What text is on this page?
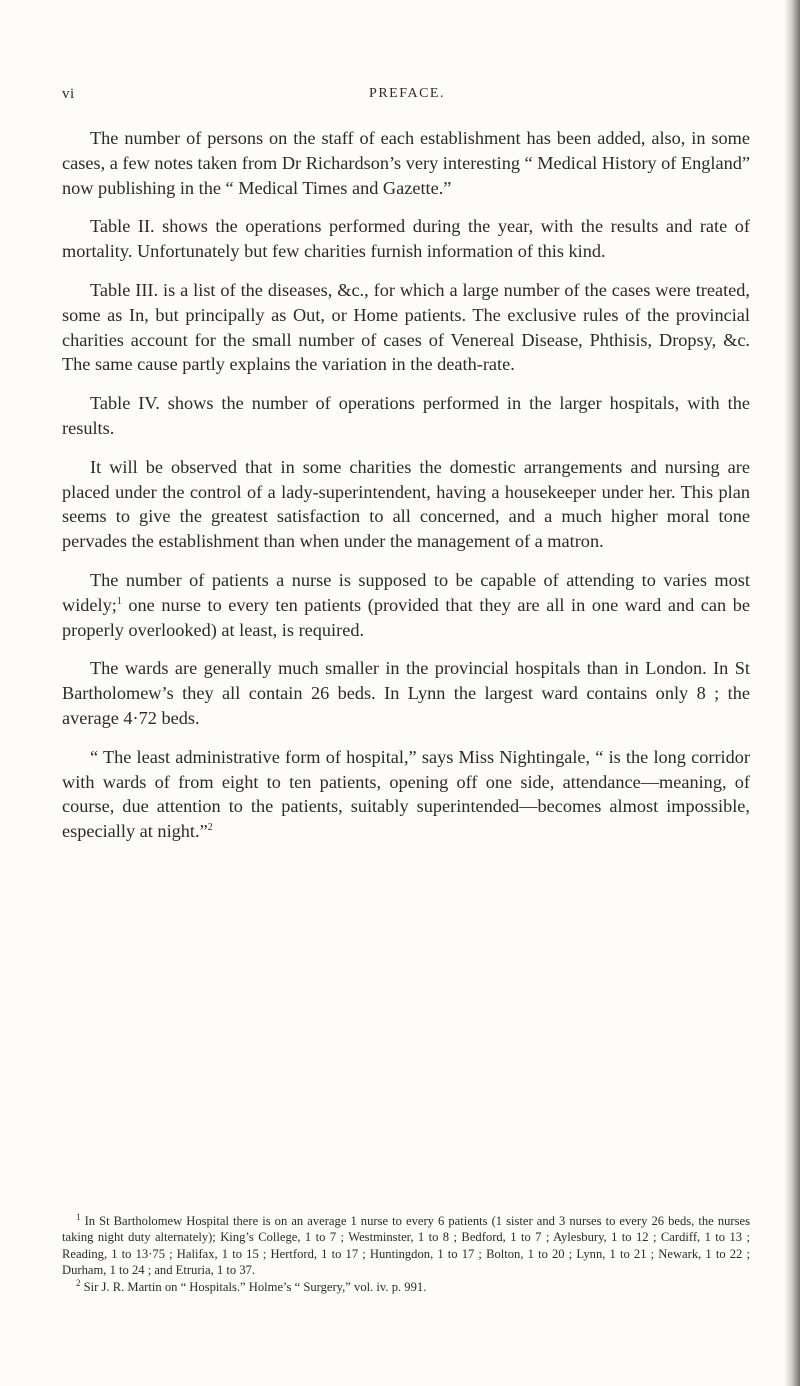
vi	PREFACE.

The number of persons on the staff of each establishment has been added, also, in some cases, a few notes taken from Dr Richardson’s very interesting “ Medical History of England” now publishing in the “ Medical Times and Gazette.”

Table II. shows the operations performed during the year, with the results and rate of mortality. Unfortunately but few charities furnish information of this kind.

Table III. is a list of the diseases, &c., for which a large number of the cases were treated, some as In, but principally as Out, or Home patients. The exclusive rules of the provincial charities account for the small number of cases of Venereal Disease, Phthisis, Dropsy, &c. The same cause partly explains the variation in the death-rate.

Table IV. shows the number of operations performed in the larger hospitals, with the results.

It will be observed that in some charities the domestic arrangements and nursing are placed under the control of a lady-superintendent, having a housekeeper under her. This plan seems to give the greatest satisfaction to all concerned, and a much higher moral tone pervades the establishment than when under the management of a matron.

The number of patients a nurse is supposed to be capable of attending to varies most widely;$^1$ one nurse to every ten patients (provided that they are all in one ward and can be properly overlooked) at least, is required.

The wards are generally much smaller in the provincial hospitals than in London. In St Bartholomew’s they all contain 26 beds. In Lynn the largest ward contains only 8 ; the average 4·72 beds.

“ The least administrative form of hospital,” says Miss Nightingale, “ is the long corridor with wards of from eight to ten patients, opening off one side, attendance—meaning, of course, due attention to the patients, suitably superintended—becomes almost impossible, especially at night.”$^2$

$^1$ In St Bartholomew Hospital there is on an average 1 nurse to every 6 patients (1 sister and 3 nurses to every 26 beds, the nurses taking night duty alternately); King’s College, 1 to 7 ; Westminster, 1 to 8 ; Bedford, 1 to 7 ; Aylesbury, 1 to 12 ; Cardiff, 1 to 13 ; Reading, 1 to 13·75 ; Halifax, 1 to 15 ; Hertford, 1 to 17 ; Huntingdon, 1 to 17 ; Bolton, 1 to 20 ; Lynn, 1 to 21 ; Newark, 1 to 22 ; Durham, 1 to 24 ; and Etruria, 1 to 37.

$^2$ Sir J. R. Martin on “ Hospitals.” Holme’s “ Surgery,” vol. iv. p. 991.
